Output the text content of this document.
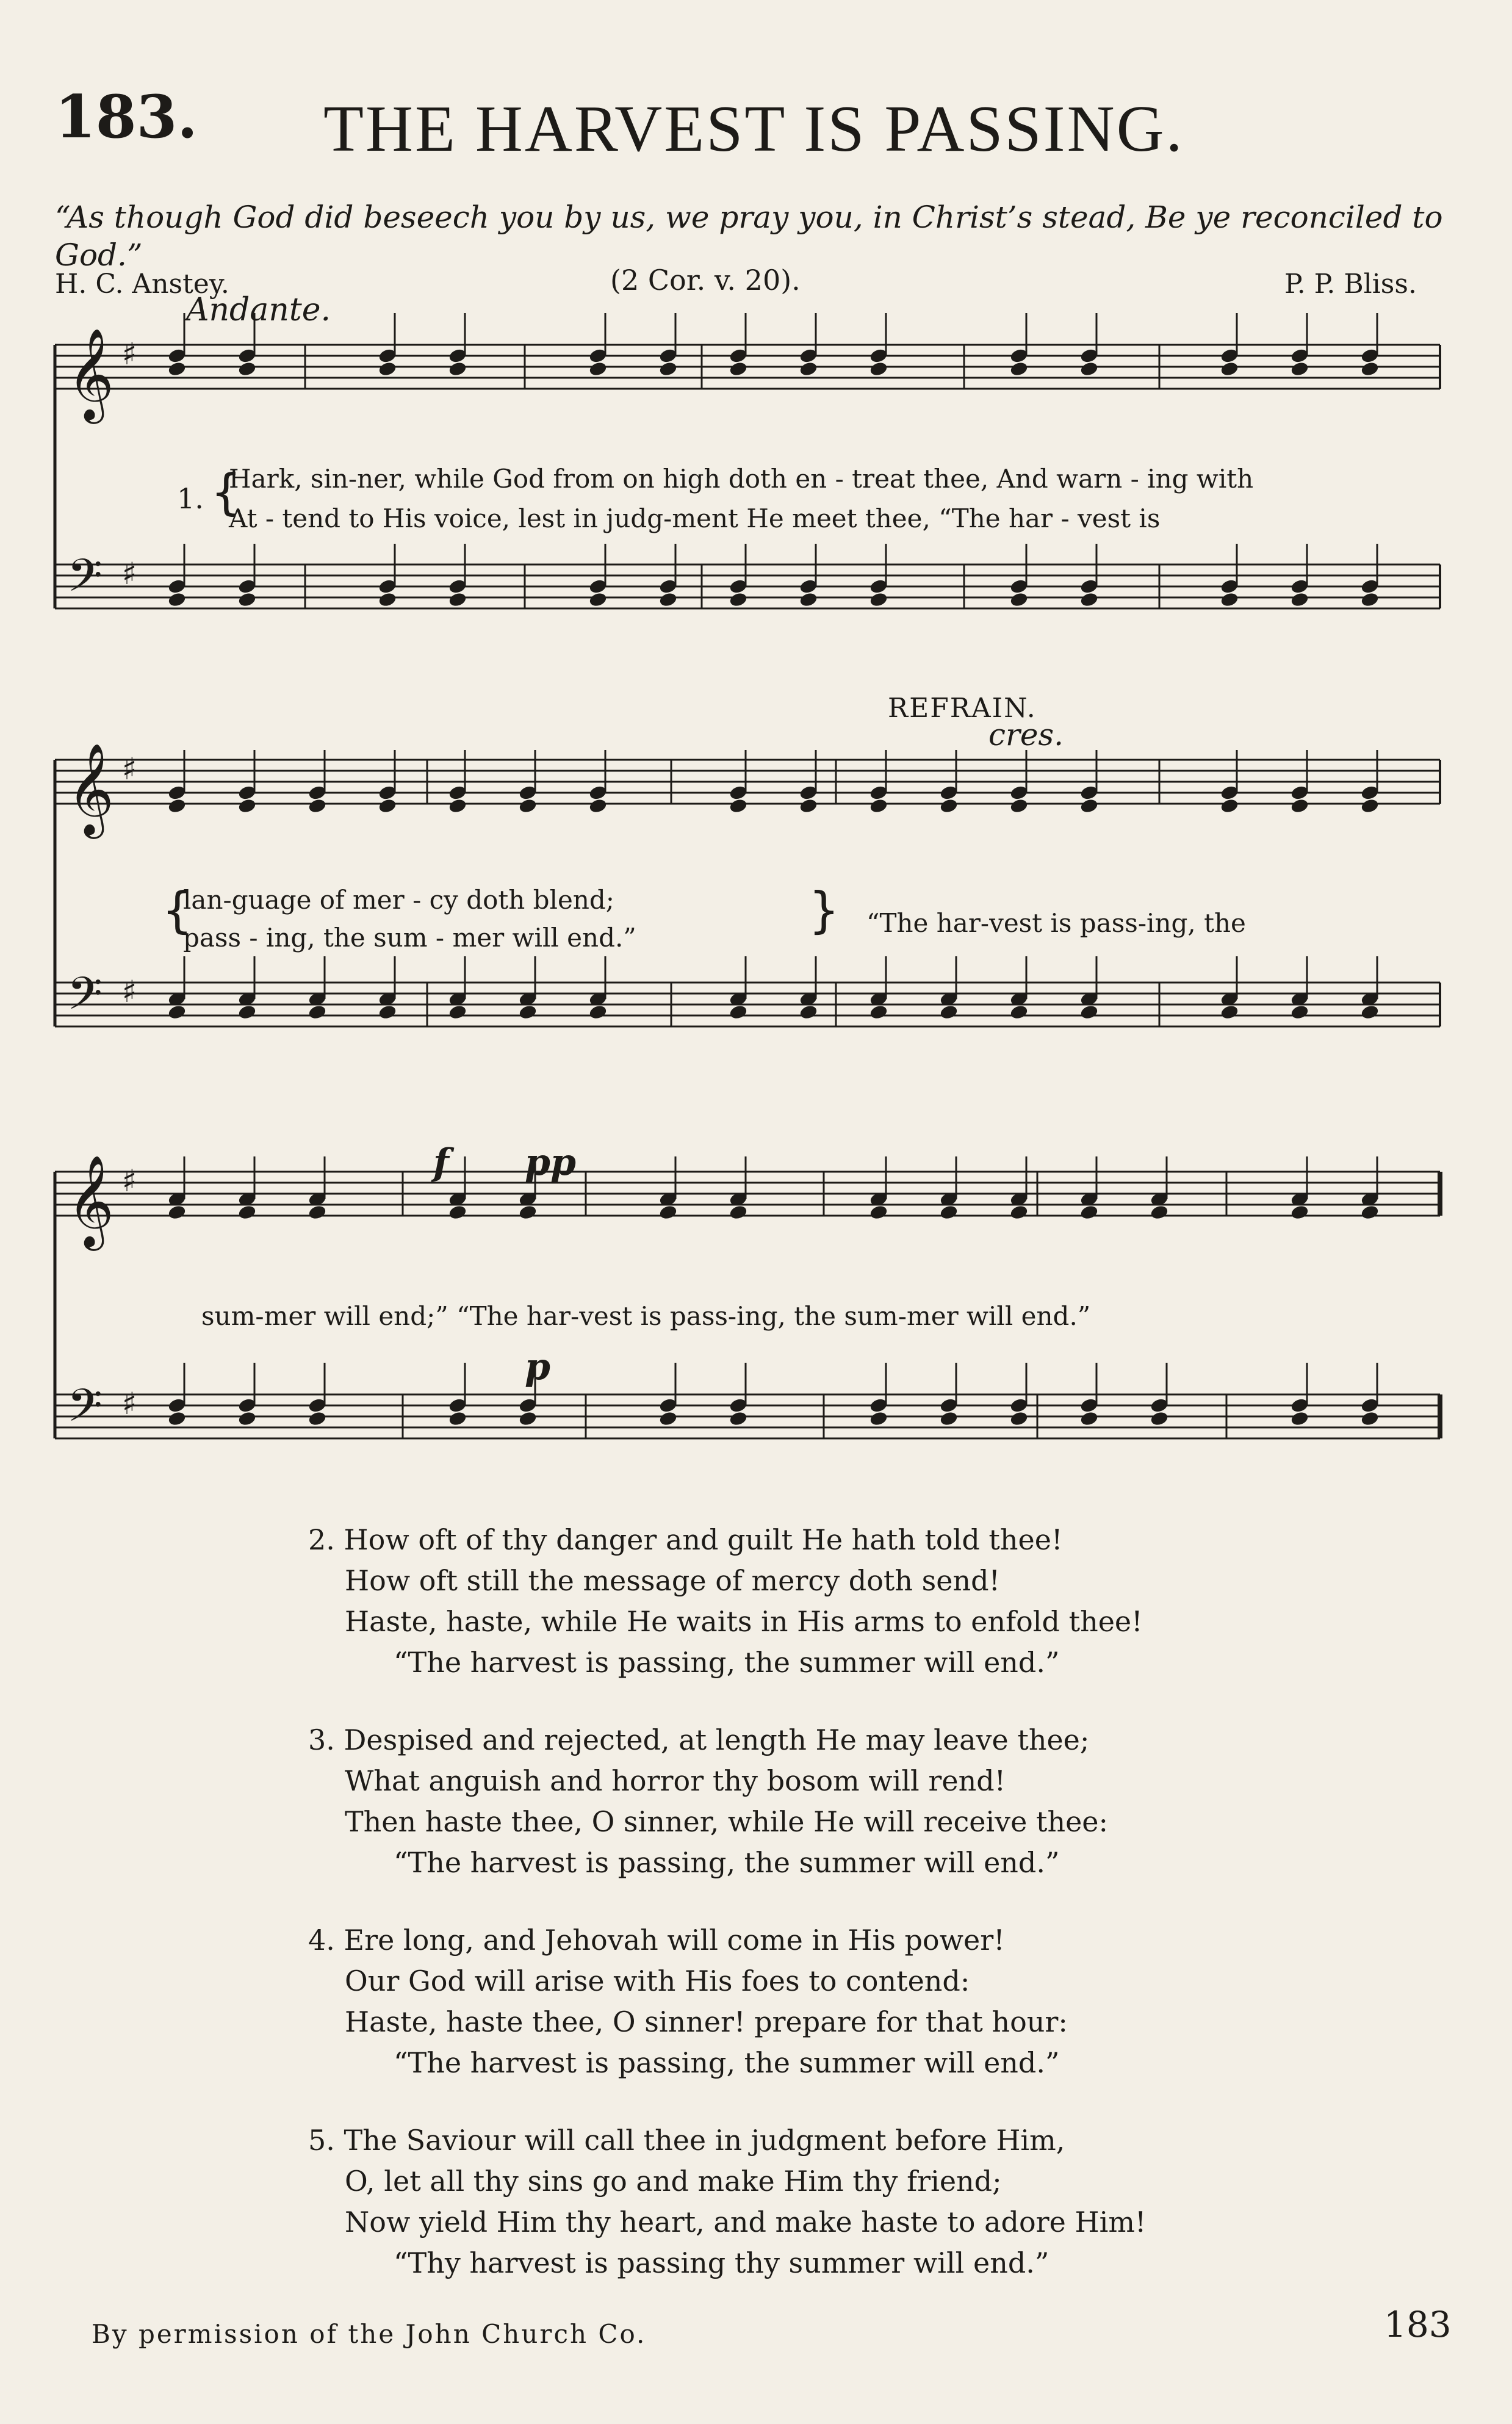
183. THE HARVEST IS PASSING.
“As though God did beseech you by us, we pray you, in Christ’s stead, Be ye reconciled to God.”
H. C. Anstey.	(2 Cor. v. 20).	P. P. Bliss.
Andante.
𝄞 ♯
𝄢 ♯
𝄞 ♯
𝄢 ♯
𝄞 ♯
𝄢 ♯
REFRAIN.
cres.
f pp
p
1. {
Hark, sin-ner, while God from on high doth en - treat thee, And warn - ing with
At - tend to His voice, lest in judg-ment He meet thee, “The har - vest is
{
lan-guage of mer - cy doth blend;
pass - ing, the sum - mer will end.”	} “The har-vest is pass-ing, the
sum-mer will end;” “The har-vest is pass-ing, the sum-mer will end.”
2. How oft of thy danger and guilt He hath told thee!
How oft still the message of mercy doth send!
Haste, haste, while He waits in His arms to enfold thee!
“The harvest is passing, the summer will end.”
3. Despised and rejected, at length He may leave thee;
What anguish and horror thy bosom will rend!
Then haste thee, O sinner, while He will receive thee:
“The harvest is passing, the summer will end.”
4. Ere long, and Jehovah will come in His power!
Our God will arise with His foes to contend:
Haste, haste thee, O sinner! prepare for that hour:
“The harvest is passing, the summer will end.”
5. The Saviour will call thee in judgment before Him,
O, let all thy sins go and make Him thy friend;
Now yield Him thy heart, and make haste to adore Him!
“Thy harvest is passing thy summer will end.”
By permission of the John Church Co.	183
